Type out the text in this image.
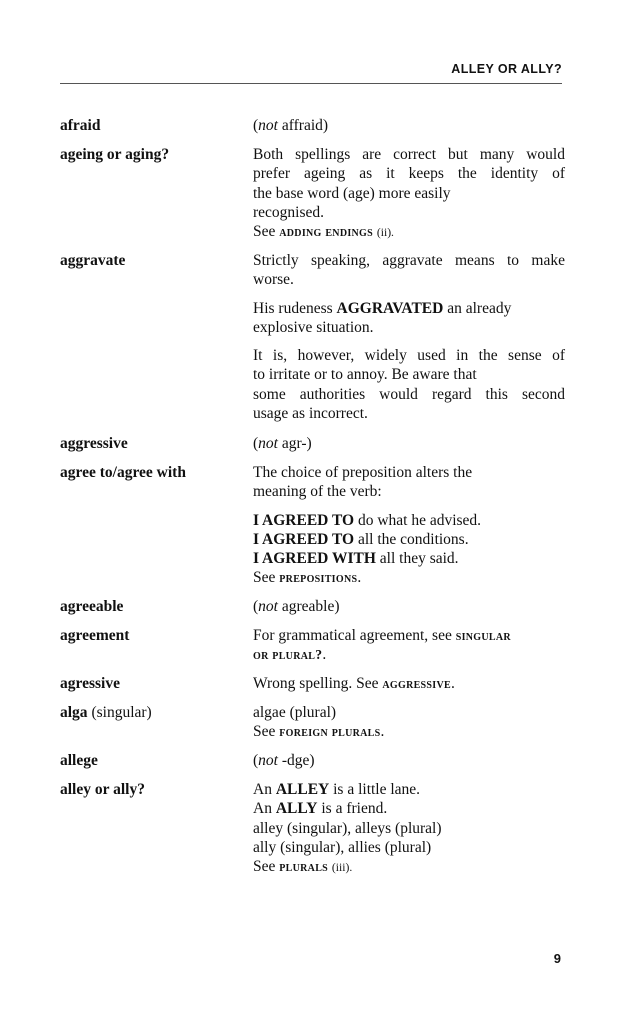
ALLEY OR ALLY?
afraid	(not affraid)
ageing or aging?	Both spellings are correct but many would
prefer ageing as it keeps the identity of
the base word (age) more easily
recognised.
See adding endings (ii).
aggravate	Strictly speaking, aggravate means to make
worse.
His rudeness AGGRAVATED an already
explosive situation.
It is, however, widely used in the sense of
to irritate or to annoy. Be aware that
some authorities would regard this second
usage as incorrect.
aggressive	(not agr-)
agree to/agree with	The choice of preposition alters the
meaning of the verb:
I AGREED TO do what he advised.
I AGREED TO all the conditions.
I AGREED WITH all they said.
See prepositions.
agreeable	(not agreable)
agreement	For grammatical agreement, see singular
or plural?.
agressive	Wrong spelling. See aggressive.
alga (singular)	algae (plural)
See foreign plurals.
allege	(not -dge)
alley or ally?	An ALLEY is a little lane.
An ALLY is a friend.
alley (singular), alleys (plural)
ally (singular), allies (plural)
See plurals (iii).
9
